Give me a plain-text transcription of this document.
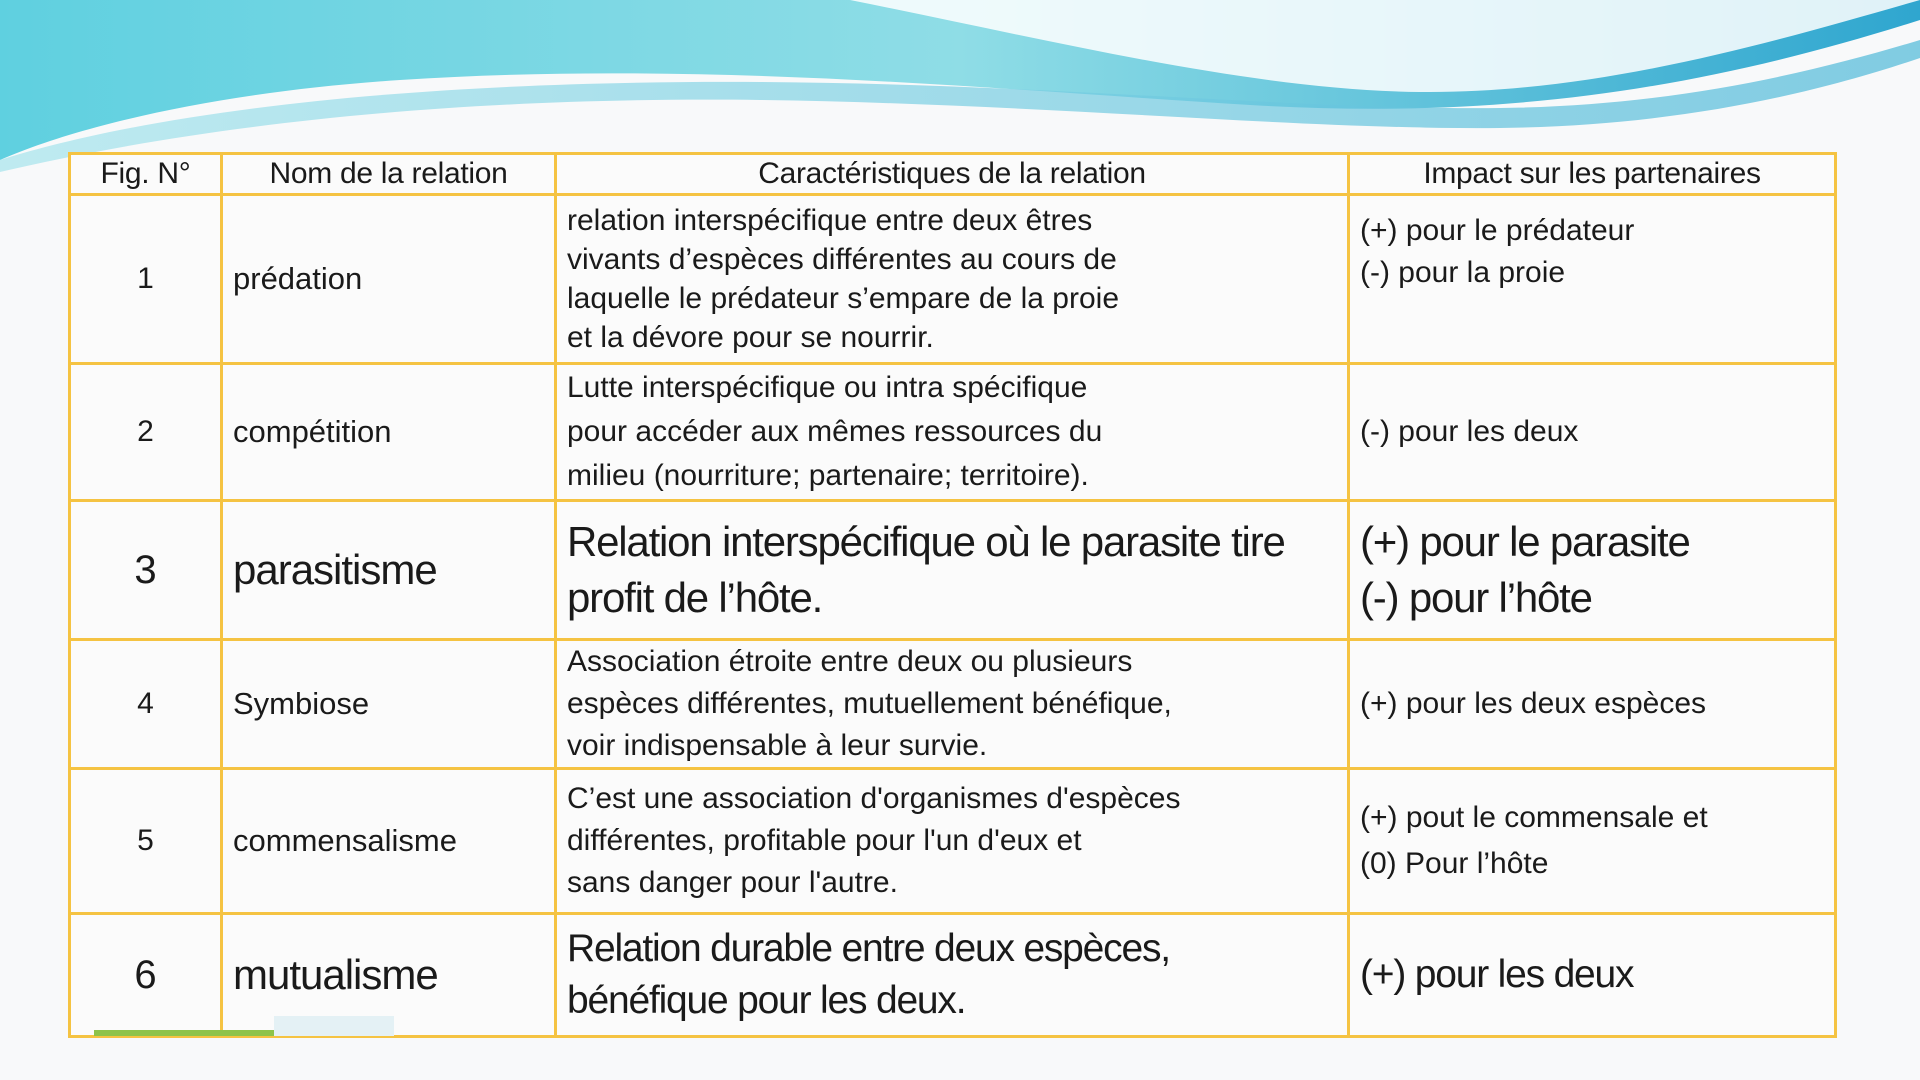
Fig. N°	Nom de la relation	Caractéristiques de la relation	Impact sur les partenaires
1	prédation	relation interspécifique entre deux êtres
vivants d’espèces différentes au cours de
laquelle le prédateur s’empare de la proie
et la dévore pour se nourrir.	(+) pour le prédateur
(-) pour la proie

2	compétition	Lutte interspécifique ou intra spécifique
pour accéder aux mêmes ressources du
milieu (nourriture; partenaire; territoire).	(-) pour les deux

3	parasitisme	Relation interspécifique où le parasite tire
profit de l’hôte.	(+) pour le parasite
(-) pour l’hôte

4	Symbiose	Association étroite entre deux ou plusieurs
espèces différentes, mutuellement bénéfique,
voir indispensable à leur survie.	(+) pour les deux espèces

5	commensalisme	C’est une association d'organismes d'espèces
différentes, profitable pour l'un d'eux et
sans danger pour l'autre.	(+) pout le commensale et
(0) Pour l’hôte

6	mutualisme	Relation durable entre deux espèces,
bénéfique pour les deux.	(+) pour les deux
